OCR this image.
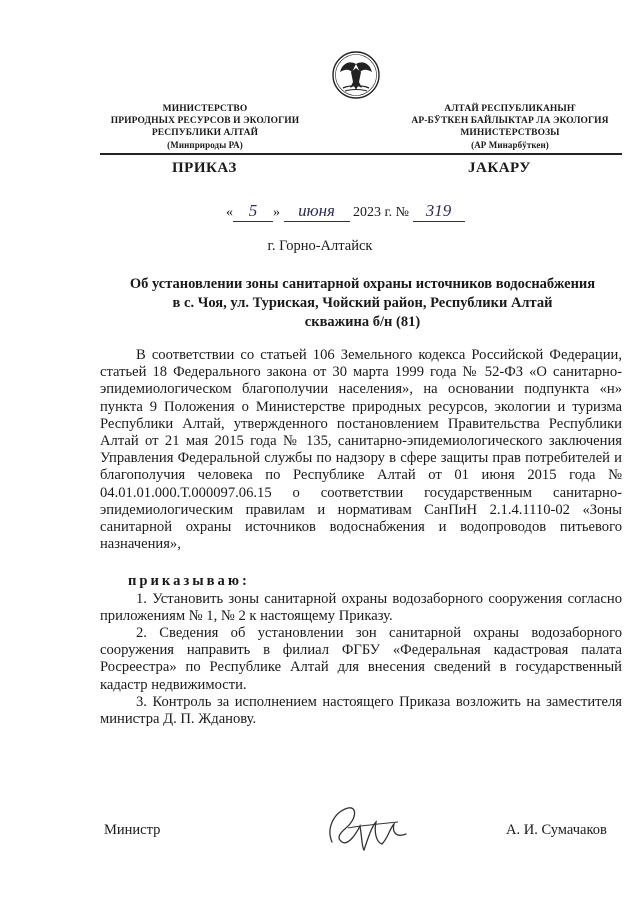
МИНИСТЕРСТВО
ПРИРОДНЫХ РЕСУРСОВ И ЭКОЛОГИИ
РЕСПУБЛИКИ АЛТАЙ
(Минприроды РА)
АЛТАЙ РЕСПУБЛИКАНЫҤ
АР-БӰТКЕН БАЙЛЫКТАР ЛА ЭКОЛОГИЯ
МИНИСТЕРСТВОЗЫ
(АР Минарбӱткен)
ПРИКАЗ	JАКАРУ
« 5 » июня 2023 г. № 319
г. Горно-Алтайск
Об установлении зоны санитарной охраны источников водоснабжения
в с. Чоя, ул. Туриская, Чойский район, Республики Алтай
скважина б/н (81)

В соответствии со статьей 106 Земельного кодекса Российской Федерации, статьей 18 Федерального закона от 30 марта 1999 года № 52-ФЗ «О санитарно-эпидемиологическом благополучии населения», на основании подпункта «н» пункта 9 Положения о Министерстве природных ресурсов, экологии и туризма Республики Алтай, утвержденного постановлением Правительства Республики Алтай от 21 мая 2015 года № 135, санитарно-эпидемиологического заключения Управления Федеральной службы по надзору в сфере защиты прав потребителей и благополучия человека по Республике Алтай от 01 июня 2015 года № 04.01.01.000.Т.000097.06.15 о соответствии государственным санитарно-эпидемиологическим правилам и нормативам СанПиН 2.1.4.1110-02 «Зоны санитарной охраны источников водоснабжения и водопроводов питьевого назначения»,

приказываю:

1. Установить зоны санитарной охраны водозаборного сооружения согласно приложениям № 1, № 2 к настоящему Приказу.

2. Сведения об установлении зон санитарной охраны водозаборного сооружения направить в филиал ФГБУ «Федеральная кадастровая палата Росреестра» по Республике Алтай для внесения сведений в государственный кадастр недвижимости.

3. Контроль за исполнением настоящего Приказа возложить на заместителя министра Д. П. Жданову.

Министр	А. И. Сумачаков
